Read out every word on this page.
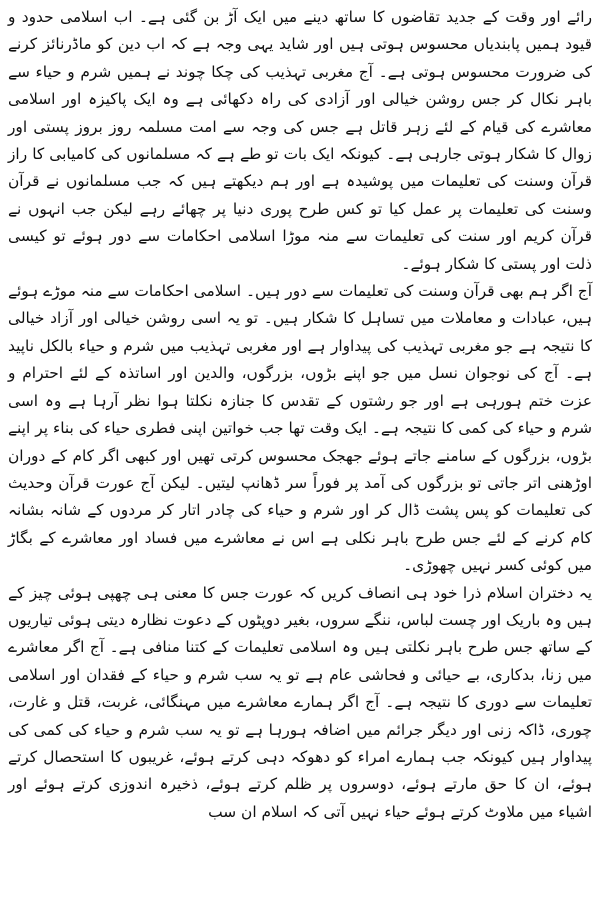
رائے اور وقت کے جدید تقاضوں کا ساتھ دینے میں ایک آڑ بن گئی ہے۔ اب اسلامی حدود و قیود ہمیں پابندیاں محسوس ہوتی ہیں اور شاید یہی وجہ ہے کہ اب دین کو ماڈرنائز کرنے کی ضرورت محسوس ہوتی ہے۔ آج مغربی تہذیب کی چکا چوند نے ہمیں شرم و حیاء سے باہر نکال کر جس روشن خیالی اور آزادی کی راہ دکھائی ہے وہ ایک پاکیزہ اور اسلامی معاشرے کی قیام کے لئے زہر قاتل ہے جس کی وجہ سے امت مسلمہ روز بروز پستی اور زوال کا شکار ہوتی جارہی ہے۔ کیونکہ ایک بات تو طے ہے کہ مسلمانوں کی کامیابی کا راز قرآن وسنت کی تعلیمات میں پوشیدہ ہے اور ہم دیکھتے ہیں کہ جب مسلمانوں نے قرآن وسنت کی تعلیمات پر عمل کیا تو کس طرح پوری دنیا پر چھائے رہے لیکن جب انہوں نے قرآن کریم اور سنت کی تعلیمات سے منہ موڑا اسلامی احکامات سے دور ہوئے تو کیسی ذلت اور پستی کا شکار ہوئے۔

آج اگر ہم بھی قرآن وسنت کی تعلیمات سے دور ہیں۔ اسلامی احکامات سے منہ موڑے ہوئے ہیں، عبادات و معاملات میں تساہل کا شکار ہیں۔ تو یہ اسی روشن خیالی اور آزاد خیالی کا نتیجہ ہے جو مغربی تہذیب کی پیداوار ہے اور مغربی تہذیب میں شرم و حیاء بالکل ناپید ہے۔ آج کی نوجوان نسل میں جو اپنے بڑوں، بزرگوں، والدین اور اساتذہ کے لئے احترام و عزت ختم ہورہی ہے اور جو رشتوں کے تقدس کا جنازہ نکلتا ہوا نظر آرہا ہے وہ اسی شرم و حیاء کی کمی کا نتیجہ ہے۔ ایک وقت تھا جب خواتین اپنی فطری حیاء کی بناء پر اپنے بڑوں، بزرگوں کے سامنے جاتے ہوئے جھجک محسوس کرتی تھیں اور کبھی اگر کام کے دوران اوڑھنی اتر جاتی تو بزرگوں کی آمد پر فوراً سر ڈھانپ لیتیں۔ لیکن آج عورت قرآن وحدیث کی تعلیمات کو پس پشت ڈال کر اور شرم و حیاء کی چادر اتار کر مردوں کے شانہ بشانہ کام کرنے کے لئے جس طرح باہر نکلی ہے اس نے معاشرے میں فساد اور معاشرے کے بگاڑ میں کوئی کسر نہیں چھوڑی۔

یہ دختران اسلام ذرا خود ہی انصاف کریں کہ عورت جس کا معنی ہی چھپی ہوئی چیز کے ہیں وہ باریک اور چست لباس، ننگے سروں، بغیر دوپٹوں کے دعوت نظارہ دیتی ہوئی تیاریوں کے ساتھ جس طرح باہر نکلتی ہیں وہ اسلامی تعلیمات کے کتنا منافی ہے۔ آج اگر معاشرے میں زنا، بدکاری، بے حیائی و فحاشی عام ہے تو یہ سب شرم و حیاء کے فقدان اور اسلامی تعلیمات سے دوری کا نتیجہ ہے۔ آج اگر ہمارے معاشرے میں مہنگائی، غربت، قتل و غارت، چوری، ڈاکہ زنی اور دیگر جرائم میں اضافہ ہورہا ہے تو یہ سب شرم و حیاء کی کمی کی پیداوار ہیں کیونکہ جب ہمارے امراء کو دھوکہ دہی کرتے ہوئے، غریبوں کا استحصال کرتے ہوئے، ان کا حق مارتے ہوئے، دوسروں پر ظلم کرتے ہوئے، ذخیرہ اندوزی کرتے ہوئے اور اشیاء میں ملاوٹ کرتے ہوئے حیاء نہیں آتی کہ اسلام ان سب
